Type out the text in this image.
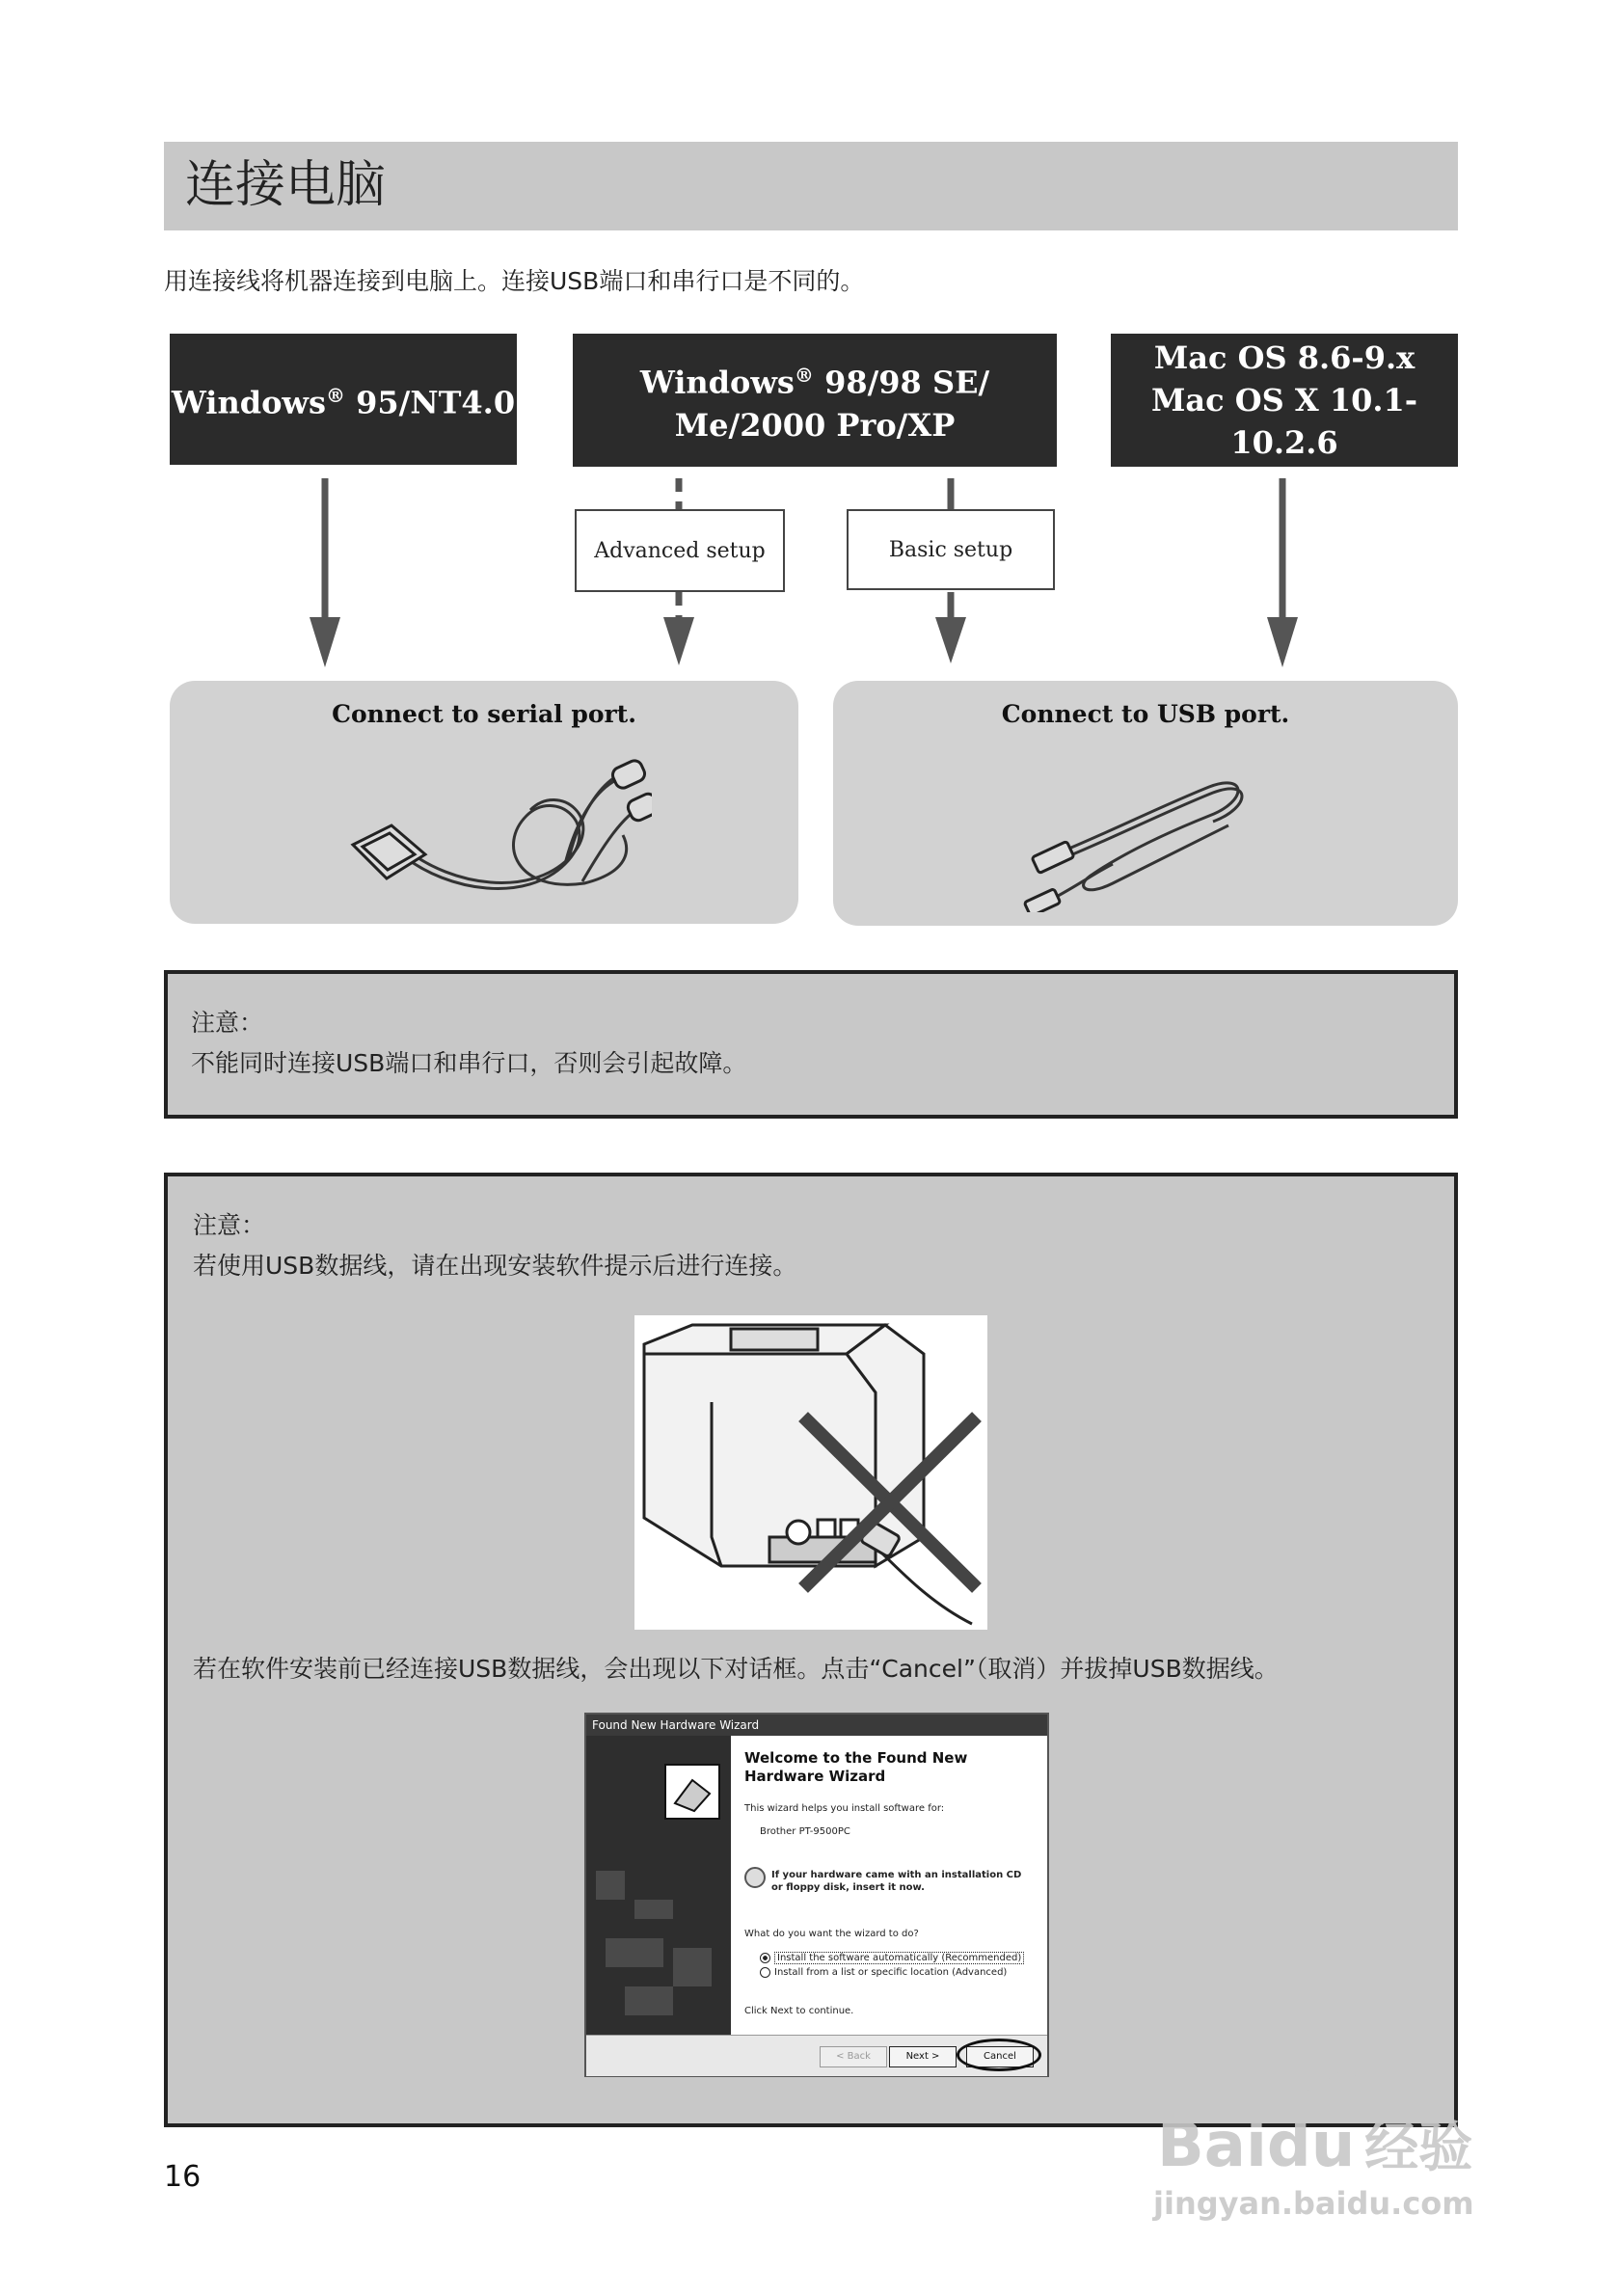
连接电脑
用连接线将机器连接到电脑上。连接USB端口和串行口是不同的。
Windows® 95/NT4.0
Windows® 98/98 SE/
Me/2000 Pro/XP
Mac OS 8.6-9.x
Mac OS X 10.1-10.2.6
Advanced setup	Basic setup
Connect to serial port.	Connect to USB port.
注意：
不能同时连接USB端口和串行口，否则会引起故障。
注意：
若使用USB数据线，请在出现安装软件提示后进行连接。
若在软件安装前已经连接USB数据线，会出现以下对话框。点击“Cancel”（取消）并拔掉USB数据线。
Found New Hardware Wizard
Welcome to the Found New
Hardware Wizard
This wizard helps you install software for:
Brother PT-9500PC
If your hardware came with an installation CD
or floppy disk, insert it now.
What do you want the wizard to do?
Install the software automatically (Recommended)
Install from a list or specific location (Advanced)
Click Next to continue.
< Back	Next >	Cancel
16	Baidu 经验
jingyan.baidu.com
